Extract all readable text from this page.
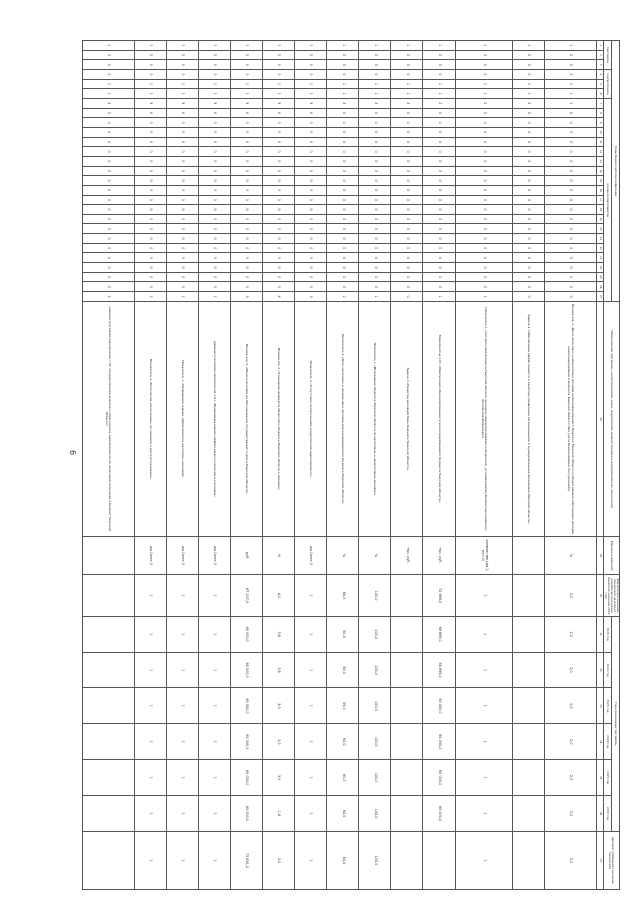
6
Коды бюджетной классификации																											Наименование программы, целей программы, задач, мероприятий, административных мероприятий и их показателей	Единица измерения	Фактическое значение показателя на момент разработки программы (базисное значение 2021 год)	Годы реализации программы						Целевое (суммарное) значение показателя
программа			подпрограмма			основное мероприятие																								2021 год	2022 год	2023 год	2024 год	2025 год	2026 год	
1	2	3	4	5	6	7	8	9	10	11	12	13	14	15	16	17	18	19	20	21	22	23	24	25	26	27	28	29	30	31	32	33	34	35	36	37
1	2	3	0	1	1	1	0	0	0	0	0	0	0	0	0	0	0	0	0	0	0	0	0	0	0	0	Показатель 1 «Доля налоговых и неналоговых доходов консолидированного бюджета Тверской области в общем объеме собственных доходов консолидированного бюджета Тверской области (без учета безвозмездных поступлений)»	%	2,0	2,0	2,0	2,0	2,0	2,0	2,0	2,0
1	2	3	0	1	1	2	0	0	0	0	0	0	0	0	0	0	0	0	0	0	0	0	0	0	0	0	Задача 2 «Обеспечение эффективности и качества управления региональными и муниципальными финансами Тверской области»									
1	2	3	0	1	1	2	0	0	0	0	0	0	0	0	0	0	0	0	0	0	0	0	0	0	0	1	Показатель 1 «Соответствие бюджета Тверской области принципу сбалансированности бюджетов, установленному Бюджетным кодексом Российской Федерации»	количество (да-1, нет-0)	1	1	1	1	1	1	1	1
1	2	3	0	1	1	2	0	0	0	0	0	0	0	0	0	0	0	0	0	0	0	0	0	0	0	1	Мероприятие 1.01 «Обеспечение сбалансированности консолидированного бюджета Тверской области»	тыс. руб.	72 986,0	69 898,0	65 699,0	65 000,0	65 000,0	65 000,0	65 000,0	
1	2	3	0	1	1	3	0	0	0	0	0	0	0	0	0	0	0	0	0	0	0	0	0	0	0	0	Задача 3 «Развитие доходной базы бюджета Тверской области»	тыс. руб.								
1	2	3	0	1	1	3	0	0	0	0	0	0	0	0	0	0	0	0	0	0	0	0	0	0	0	1	Показатель 1 «Исполнение бюджета Тверской области по налоговым и неналоговым доходам»	%	100,0	100,0	100,0	100,0	100,0	100,0	100,0	100,0
1	2	3	0	1	1	3	0	0	0	0	0	0	0	0	0	0	0	0	0	0	0	0	0	0	0	2	Показатель 2 «Доля налоговых и неналоговых доходов консолидированного бюджета Тверской области»	%	60,0	60,0	59,0	59,0	60,0	60,0	60,0	60,0
1	2	3	0	1	1	3	0	0	0	0	0	0	0	0	0	0	0	0	0	0	0	0	0	0	0	3	Показатель 3 «Отсутствие просроченной кредиторской задолженности»	да-1/нет-0	1	1	1	1	1	1	1	1
1	2	3	0	1	1	3	0	0	0	0	0	0	0	0	0	0	0	0	0	0	0	0	0	0	0	4	Показатель 4 «Отношение дефицита областного бюджета Тверской области к доходам»	%	4,0	3,8	3,8	3,0	3,0	3,0	1,8	3,0
1	2	3	0	1	1	3	0	0	0	0	0	0	0	0	0	0	0	0	0	0	0	0	0	0	0	5	Показатель 5 «Объем расходов на обслуживание государственного долга Тверской области»	руб.	67 157,5	65 000,0	65 000,0	65 000,0	65 000,0	65 000,0	65 000,0	72 891,0
1	2	3	0	1	1	3	0	0	0	0	0	0	0	0	0	0	0	0	0	0	0	0	0	0	0	1	Административное мероприятие 1.01 «Проведение оценки эффективности налоговых расходов»	да-1/нет-0	1	1	1	1	1	1	1	1
1	2	3	0	1	1	3	0	0	0	0	0	0	0	0	0	0	0	0	0	0	0	0	0	0	0	1	Показатель 1 «Проведение оценки эффективности налоговых расходов»	да-1/нет-0	1	1	1	1	1	1	1	1
1	2	3	0	1	1	3	0	0	0	0	0	0	0	0	0	0	0	0	0	0	0	0	0	0	0	2	Показатель 2 «Количество заключенных соглашений о реструктуризации»	да-1/нет-0	1	1	1	1	1	1	1	1
1	2	3	0	1	1	3	0	0	0	0	0	0	0	0	0	0	0	0	0	0	0	0	0	0	0	2	Административное мероприятие 1.02 «Осуществление анализа и мониторинга задолженности по налоговым платежам в бюджет Тверской области»									
